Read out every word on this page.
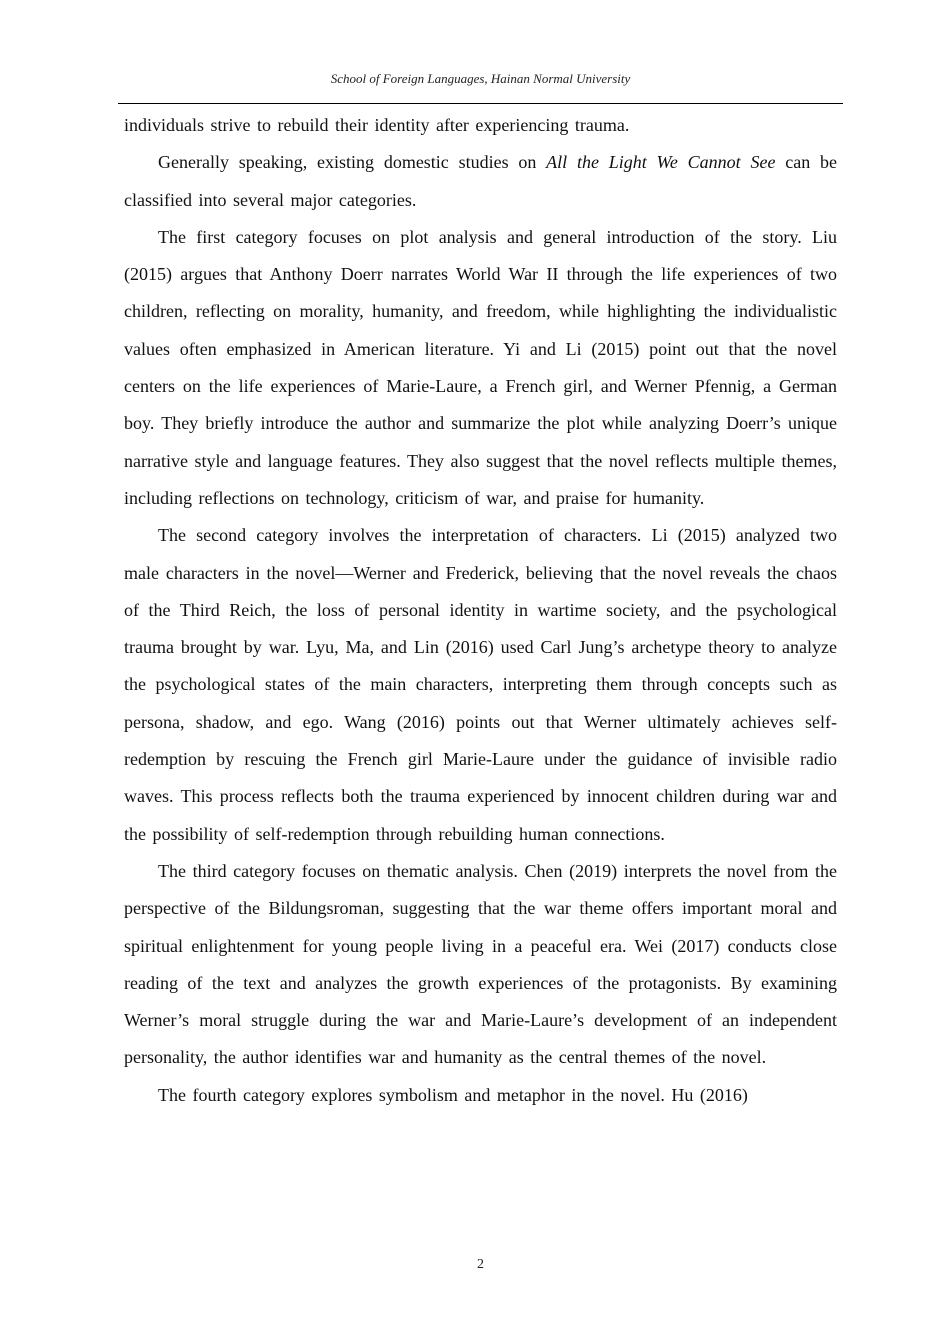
School of Foreign Languages, Hainan Normal University

individuals strive to rebuild their identity after experiencing trauma.

Generally speaking, existing domestic studies on All the Light We Cannot See can be classified into several major categories.

The first category focuses on plot analysis and general introduction of the story. Liu (2015) argues that Anthony Doerr narrates World War II through the life experiences of two children, reflecting on morality, humanity, and freedom, while highlighting the individualistic values often emphasized in American literature. Yi and Li (2015) point out that the novel centers on the life experiences of Marie-Laure, a French girl, and Werner Pfennig, a German boy. They briefly introduce the author and summarize the plot while analyzing Doerr’s unique narrative style and language features. They also suggest that the novel reflects multiple themes, including reflections on technology, criticism of war, and praise for humanity.

The second category involves the interpretation of characters. Li (2015) analyzed two male characters in the novel—Werner and Frederick, believing that the novel reveals the chaos of the Third Reich, the loss of personal identity in wartime society, and the psychological trauma brought by war. Lyu, Ma, and Lin (2016) used Carl Jung’s archetype theory to analyze the psychological states of the main characters, interpreting them through concepts such as persona, shadow, and ego. Wang (2016) points out that Werner ultimately achieves self-redemption by rescuing the French girl Marie-Laure under the guidance of invisible radio waves. This process reflects both the trauma experienced by innocent children during war and the possibility of self-redemption through rebuilding human connections.

The third category focuses on thematic analysis. Chen (2019) interprets the novel from the perspective of the Bildungsroman, suggesting that the war theme offers important moral and spiritual enlightenment for young people living in a peaceful era. Wei (2017) conducts close reading of the text and analyzes the growth experiences of the protagonists. By examining Werner’s moral struggle during the war and Marie-Laure’s development of an independent personality, the author identifies war and humanity as the central themes of the novel.

The fourth category explores symbolism and metaphor in the novel. Hu (2016)

2
